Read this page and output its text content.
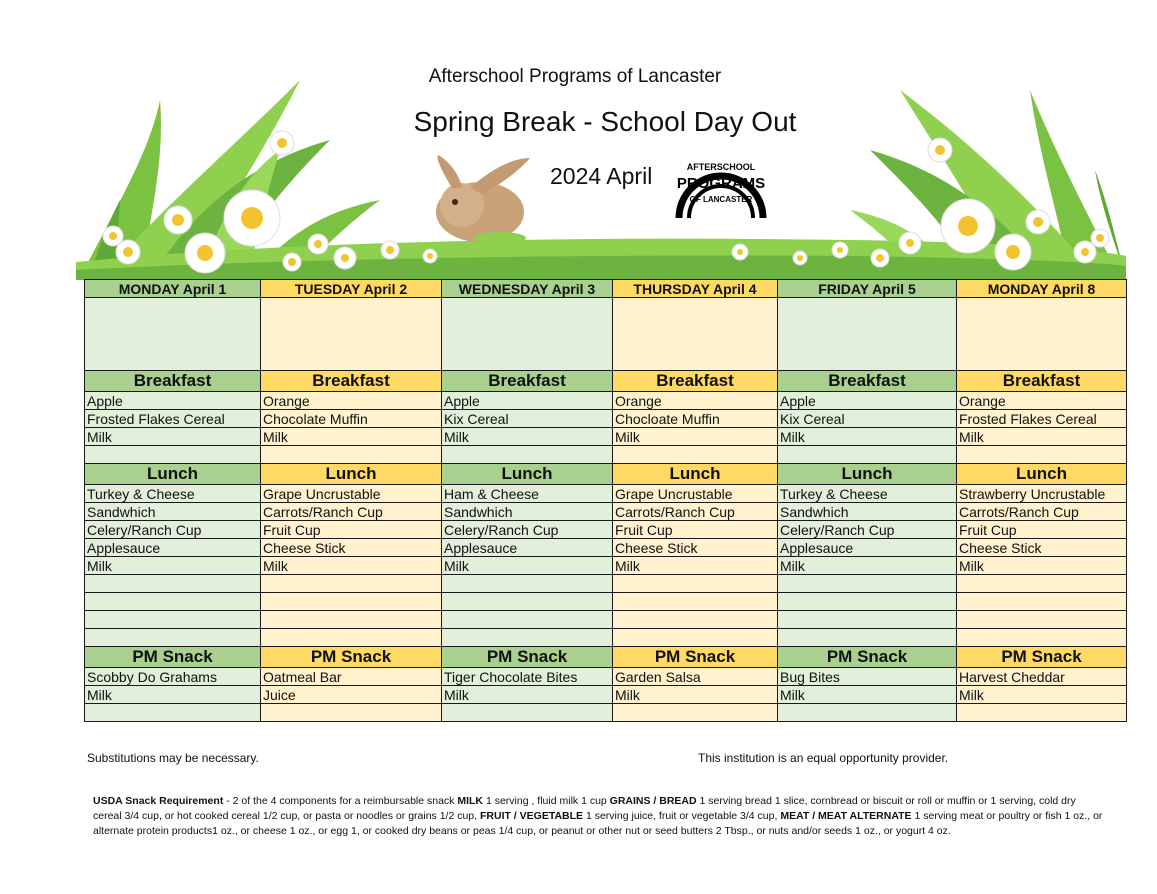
Afterschool Programs of Lancaster
Spring Break - School Day Out
2024 April	AFTERSCHOOL
PROGRAMS
OF LANCASTER
MONDAY April 1	TUESDAY April 2	WEDNESDAY April 3	THURSDAY April 4	FRIDAY April 5	MONDAY April 8

Breakfast	Breakfast	Breakfast	Breakfast	Breakfast	Breakfast
Apple	Orange	Apple	Orange	Apple	Orange
Frosted Flakes Cereal	Chocolate Muffin	Kix Cereal	Chocloate Muffin	Kix Cereal	Frosted Flakes Cereal
Milk	Milk	Milk	Milk	Milk	Milk

Lunch	Lunch	Lunch	Lunch	Lunch	Lunch
Turkey & Cheese	Grape Uncrustable	Ham & Cheese	Grape Uncrustable	Turkey & Cheese	Strawberry Uncrustable
Sandwhich	Carrots/Ranch Cup	Sandwhich	Carrots/Ranch Cup	Sandwhich	Carrots/Ranch Cup
Celery/Ranch Cup	Fruit Cup	Celery/Ranch Cup	Fruit Cup	Celery/Ranch Cup	Fruit Cup
Applesauce	Cheese Stick	Applesauce	Cheese Stick	Applesauce	Cheese Stick
Milk	Milk	Milk	Milk	Milk	Milk

PM Snack	PM Snack	PM Snack	PM Snack	PM Snack	PM Snack
Scobby Do Grahams	Oatmeal Bar	Tiger Chocolate Bites	Garden Salsa	Bug Bites	Harvest Cheddar
Milk	Juice	Milk	Milk	Milk	Milk

Substitutions may be necessary.	This institution is an equal opportunity provider.
USDA Snack Requirement - 2 of the 4 components for a reimbursable snack MILK 1 serving , fluid milk 1 cup GRAINS / BREAD 1 serving bread 1 slice, cornbread or biscuit or roll or muffin or 1 serving, cold dry cereal 3/4 cup, or hot cooked cereal 1/2 cup, or pasta or noodles or grains 1/2 cup, FRUIT / VEGETABLE 1 serving juice, fruit or vegetable 3/4 cup, MEAT / MEAT ALTERNATE 1 serving meat or poultry or fish 1 oz., or alternate protein products1 oz., or cheese 1 oz., or egg 1, or cooked dry beans or peas 1/4 cup, or peanut or other nut or seed butters 2 Tbsp., or nuts and/or seeds 1 oz., or yogurt 4 oz.
